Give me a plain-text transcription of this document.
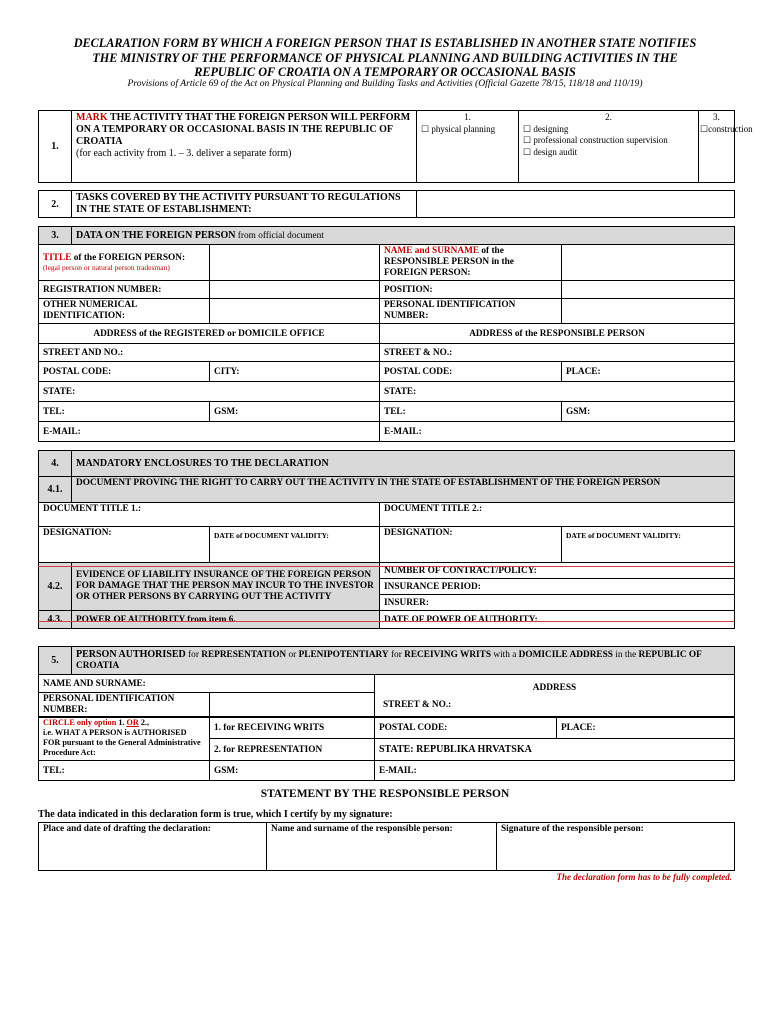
DECLARATION FORM BY WHICH A FOREIGN PERSON THAT IS ESTABLISHED IN ANOTHER STATE NOTIFIES
THE MINISTRY OF THE PERFORMANCE OF PHYSICAL PLANNING AND BUILDING ACTIVITIES IN THE
REPUBLIC OF CROATIA ON A TEMPORARY OR OCCASIONAL BASIS
Provisions of Article 69 of the Act on Physical Planning and Building Tasks and Activities (Official Gazette 78/15, 118/18 and 110/19)
1.	MARK THE ACTIVITY THAT THE FOREIGN PERSON WILL PERFORM ON A TEMPORARY OR OCCASIONAL BASIS IN THE REPUBLIC OF CROATIA
(for each activity from 1. – 3. deliver a separate form)	
1.
☐ physical planning

2.
☐ designing
☐ professional construction supervision
☐ design audit

3.
☐construction
2.	TASKS COVERED BY THE ACTIVITY PURSUANT TO REGULATIONS IN THE STATE OF ESTABLISHMENT:	
3.	DATA ON THE FOREIGN PERSON from official document			
TITLE of the FOREIGN PERSON:
(legal person or natural person tradesman)			NAME and SURNAME of the RESPONSIBLE PERSON in the FOREIGN PERSON:	
REGISTRATION NUMBER:			POSITION:	
OTHER NUMERICAL IDENTIFICATION:			PERSONAL IDENTIFICATION NUMBER:	
ADDRESS of the REGISTERED or DOMICILE OFFICE			ADDRESS of the RESPONSIBLE PERSON	
STREET AND NO.:			STREET & NO.:	
POSTAL CODE:		CITY:	POSTAL CODE:	PLACE:
STATE:			STATE:	
TEL:		GSM:	TEL:	GSM:
E-MAIL:			E-MAIL:	
4.	MANDATORY ENCLOSURES TO THE DECLARATION			
4.1.	DOCUMENT PROVING THE RIGHT TO CARRY OUT THE ACTIVITY IN THE STATE OF ESTABLISHMENT OF THE FOREIGN PERSON			
DOCUMENT TITLE 1.:			DOCUMENT TITLE 2.:	
DESIGNATION:		DATE of DOCUMENT VALIDITY:	DESIGNATION:	DATE of DOCUMENT VALIDITY:
4.2.	EVIDENCE OF LIABILITY INSURANCE OF THE FOREIGN PERSON FOR DAMAGE THAT THE PERSON MAY INCUR TO THE INVESTOR OR OTHER PERSONS BY CARRYING OUT THE ACTIVITY		NUMBER OF CONTRACT/POLICY:	
			INSURANCE PERIOD:	
			INSURER:	
4.3.	POWER OF AUTHORITY from item 6.		DATE OF POWER OF AUTHORITY:	
5.	PERSON AUTHORISED for REPRESENTATION or PLENIPOTENTIARY for RECEIVING WRITS with a DOMICILE ADDRESS in the REPUBLIC OF CROATIA		
NAME AND SURNAME:			ADDRESS

PERSONAL IDENTIFICATION NUMBER:				STREET & NO.:
CIRCLE only option 1. OR 2.,
i.e. WHAT A PERSON is AUTHORISED FOR pursuant to the General Administrative Procedure Act:	1. for RECEIVING WRITS	POSTAL CODE:	PLACE:
	2. for REPRESENTATION	STATE: REPUBLIKA HRVATSKA	
TEL:	GSM:	E-MAIL:	
STATEMENT BY THE RESPONSIBLE PERSON
The data indicated in this declaration form is true, which I certify by my signature:
Place and date of drafting the declaration:	Name and surname of the responsible person:	Signature of the responsible person:
The declaration form has to be fully completed.
